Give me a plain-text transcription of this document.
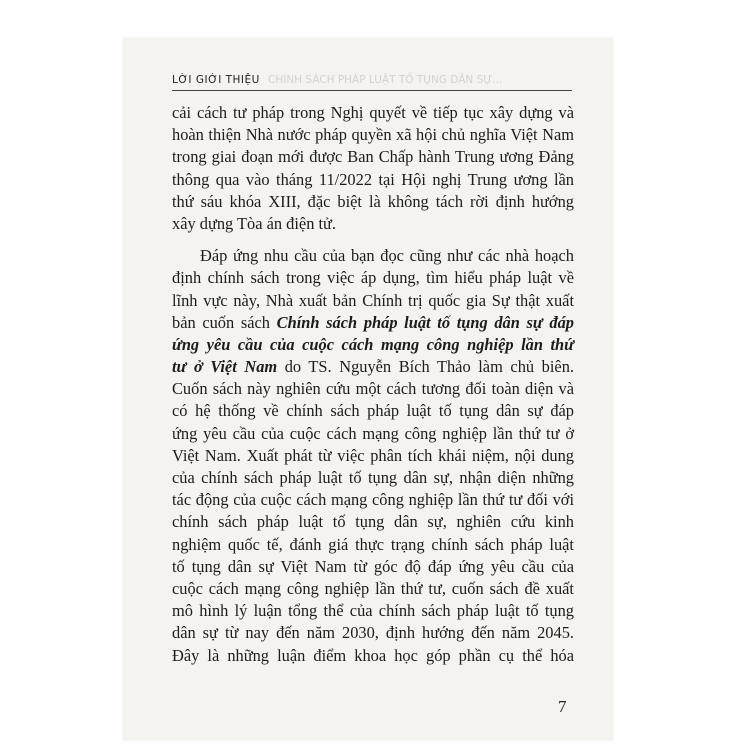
CHÍNH SÁCH PHÁP LUẬT TỐ TỤNG DÂN SỰ...
LỜI GIỚI THIỆU
cải cách tư pháp trong Nghị quyết về tiếp tục xây dựng và
hoàn thiện Nhà nước pháp quyền xã hội chủ nghĩa Việt Nam
trong giai đoạn mới được Ban Chấp hành Trung ương Đảng
thông qua vào tháng 11/2022 tại Hội nghị Trung ương lần
thứ sáu khóa XIII, đặc biệt là không tách rời định hướng
xây dựng Tòa án điện tử.
Đáp ứng nhu cầu của bạn đọc cũng như các nhà hoạch
định chính sách trong việc áp dụng, tìm hiểu pháp luật về
lĩnh vực này, Nhà xuất bản Chính trị quốc gia Sự thật xuất
bản cuốn sách Chính sách pháp luật tố tụng dân sự đáp
ứng yêu cầu của cuộc cách mạng công nghiệp lần thứ
tư ở Việt Nam do TS. Nguyễn Bích Thảo làm chủ biên.
Cuốn sách này nghiên cứu một cách tương đối toàn diện và
có hệ thống về chính sách pháp luật tố tụng dân sự đáp
ứng yêu cầu của cuộc cách mạng công nghiệp lần thứ tư ở
Việt Nam. Xuất phát từ việc phân tích khái niệm, nội dung
của chính sách pháp luật tố tụng dân sự, nhận diện những
tác động của cuộc cách mạng công nghiệp lần thứ tư đối với
chính sách pháp luật tố tụng dân sự, nghiên cứu kinh
nghiệm quốc tế, đánh giá thực trạng chính sách pháp luật
tố tụng dân sự Việt Nam từ góc độ đáp ứng yêu cầu của
cuộc cách mạng công nghiệp lần thứ tư, cuốn sách đề xuất
mô hình lý luận tổng thể của chính sách pháp luật tố tụng
dân sự từ nay đến năm 2030, định hướng đến năm 2045.
Đây là những luận điểm khoa học góp phần cụ thể hóa
7
